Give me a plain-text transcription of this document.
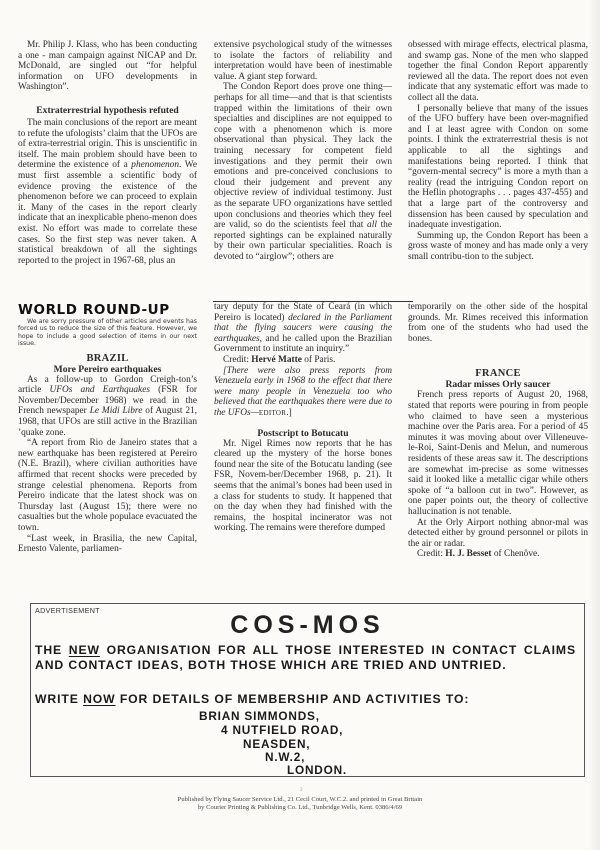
Mr. Philip J. Klass, who has been conducting a one - man campaign against NICAP and Dr. McDonald, are singled out “for helpful information on UFO developments in Washington”.

Extraterrestrial hypothesis refuted

The main conclusions of the report are meant to refute the ufologists’ claim that the UFOs are of extra-terrestrial origin. This is unscientific in itself. The main problem should have been to determine the existence of a phenomenon. We must first assemble a scientific body of evidence proving the existence of the phenomenon before we can proceed to explain it. Many of the cases in the report clearly indicate that an inexplicable pheno-menon does exist. No effort was made to correlate these cases. So the first step was never taken. A statistical breakdown of all the sightings reported to the project in 1967-68, plus an

extensive psychological study of the witnesses to isolate the factors of reliability and interpretation would have been of inestimable value. A giant step forward.

The Condon Report does prove one thing—perhaps for all time—and that is that scientists trapped within the limitations of their own specialties and disciplines are not equipped to cope with a phenomenon which is more observational than physical. They lack the training necessary for competent field investigations and they permit their own emotions and pre-conceived conclusions to cloud their judgement and prevent any objective review of individual testimony. Just as the separate UFO organizations have settled upon conclusions and theories which they feel are valid, so do the scientists feel that all the reported sightings can be explained naturally by their own particular specialities. Roach is devoted to “airglow”; others are

obsessed with mirage effects, electrical plasma, and swamp gas. None of the men who slapped together the final Condon Report apparently reviewed all the data. The report does not even indicate that any systematic effort was made to collect all the data.

I personally believe that many of the issues of the UFO buffery have been over-magnified and I at least agree with Condon on some points. I think the extraterrestrial thesis is not applicable to all the sightings and manifestations being reported. I think that “govern-mental secrecy” is more a myth than a reality (read the intriguing Condon report on the Heflin photographs . . . pages 437-455) and that a large part of the controversy and dissension has been caused by speculation and inadequate investigation.

Summing up, the Condon Report has been a gross waste of money and has made only a very small contribu-tion to the subject.

WORLD ROUND-UP

We are sorry pressure of other articles and events has forced us to reduce the size of this feature. However, we hope to include a good selection of items in our next issue.

BRAZIL

More Pereiro earthquakes

As a follow-up to Gordon Creigh-ton’s article UFOs and Earthquakes (FSR for November/December 1968) we read in the French newspaper Le Midi Libre of August 21, 1968, that UFOs are still active in the Brazilian ’quake zone.

“A report from Rio de Janeiro states that a new earthquake has been registered at Pereiro (N.E. Brazil), where civilian authorities have affirmed that recent shocks were preceded by strange celestial phenomena. Reports from Pereiro indicate that the latest shock was on Thursday last (August 15); there were no casualties but the whole populace evacuated the town.

“Last week, in Brasilia, the new Capital, Ernesto Valente, parliamen-

tary deputy for the State of Ceará (in which Pereiro is located) declared in the Parliament that the flying saucers were causing the earthquakes, and he called upon the Brazilian Government to institute an inquiry.”

Credit: Hervé Matte of Paris.

[There were also press reports from Venezuela early in 1968 to the effect that there were many people in Venezuela too who believed that the earthquakes there were due to the UFOs—EDITOR.]

Postscript to Botucatu

Mr. Nigel Rimes now reports that he has cleared up the mystery of the horse bones found near the site of the Botucatu landing (see FSR, Novem-ber/December 1968, p. 21). It seems that the animal’s bones had been used in a class for students to study. It happened that on the day when they had finished with the remains, the hospital incinerator was not working. The remains were therefore dumped

temporarily on the other side of the hospital grounds. Mr. Rimes received this information from one of the students who had used the bones.

FRANCE

Radar misses Orly saucer

French press reports of August 20, 1968, stated that reports were pouring in from people who claimed to have seen a mysterious machine over the Paris area. For a period of 45 minutes it was moving about over Villeneuve-le-Roi, Saint-Denis and Melun, and numerous residents of these areas saw it. The descriptions are somewhat im-precise as some witnesses said it looked like a metallic cigar while others spoke of “a balloon cut in two”. However, as one paper points out, the theory of collective hallucination is not tenable.

At the Orly Airport nothing abnor-mal was detected either by ground personnel or pilots in the air or radar.

Credit: H. J. Besset of Chenôve.

ADVERTISEMENT
COS-MOS
THE NEW ORGANISATION FOR ALL THOSE INTERESTED IN CONTACT CLAIMS AND CONTACT IDEAS, BOTH THOSE WHICH ARE TRIED AND UNTRIED.
WRITE NOW FOR DETAILS OF MEMBERSHIP AND ACTIVITIES TO:
BRIAN SIMMONDS,
4 NUTFIELD ROAD,
NEASDEN,
N.W.2,
LONDON.
2
Published by Flying Saucer Service Ltd., 21 Cecil Court, W.C.2. and printed in Great Britain
by Courier Printing & Publishing Co. Ltd., Tunbridge Wells, Kent. 0386/4/69
